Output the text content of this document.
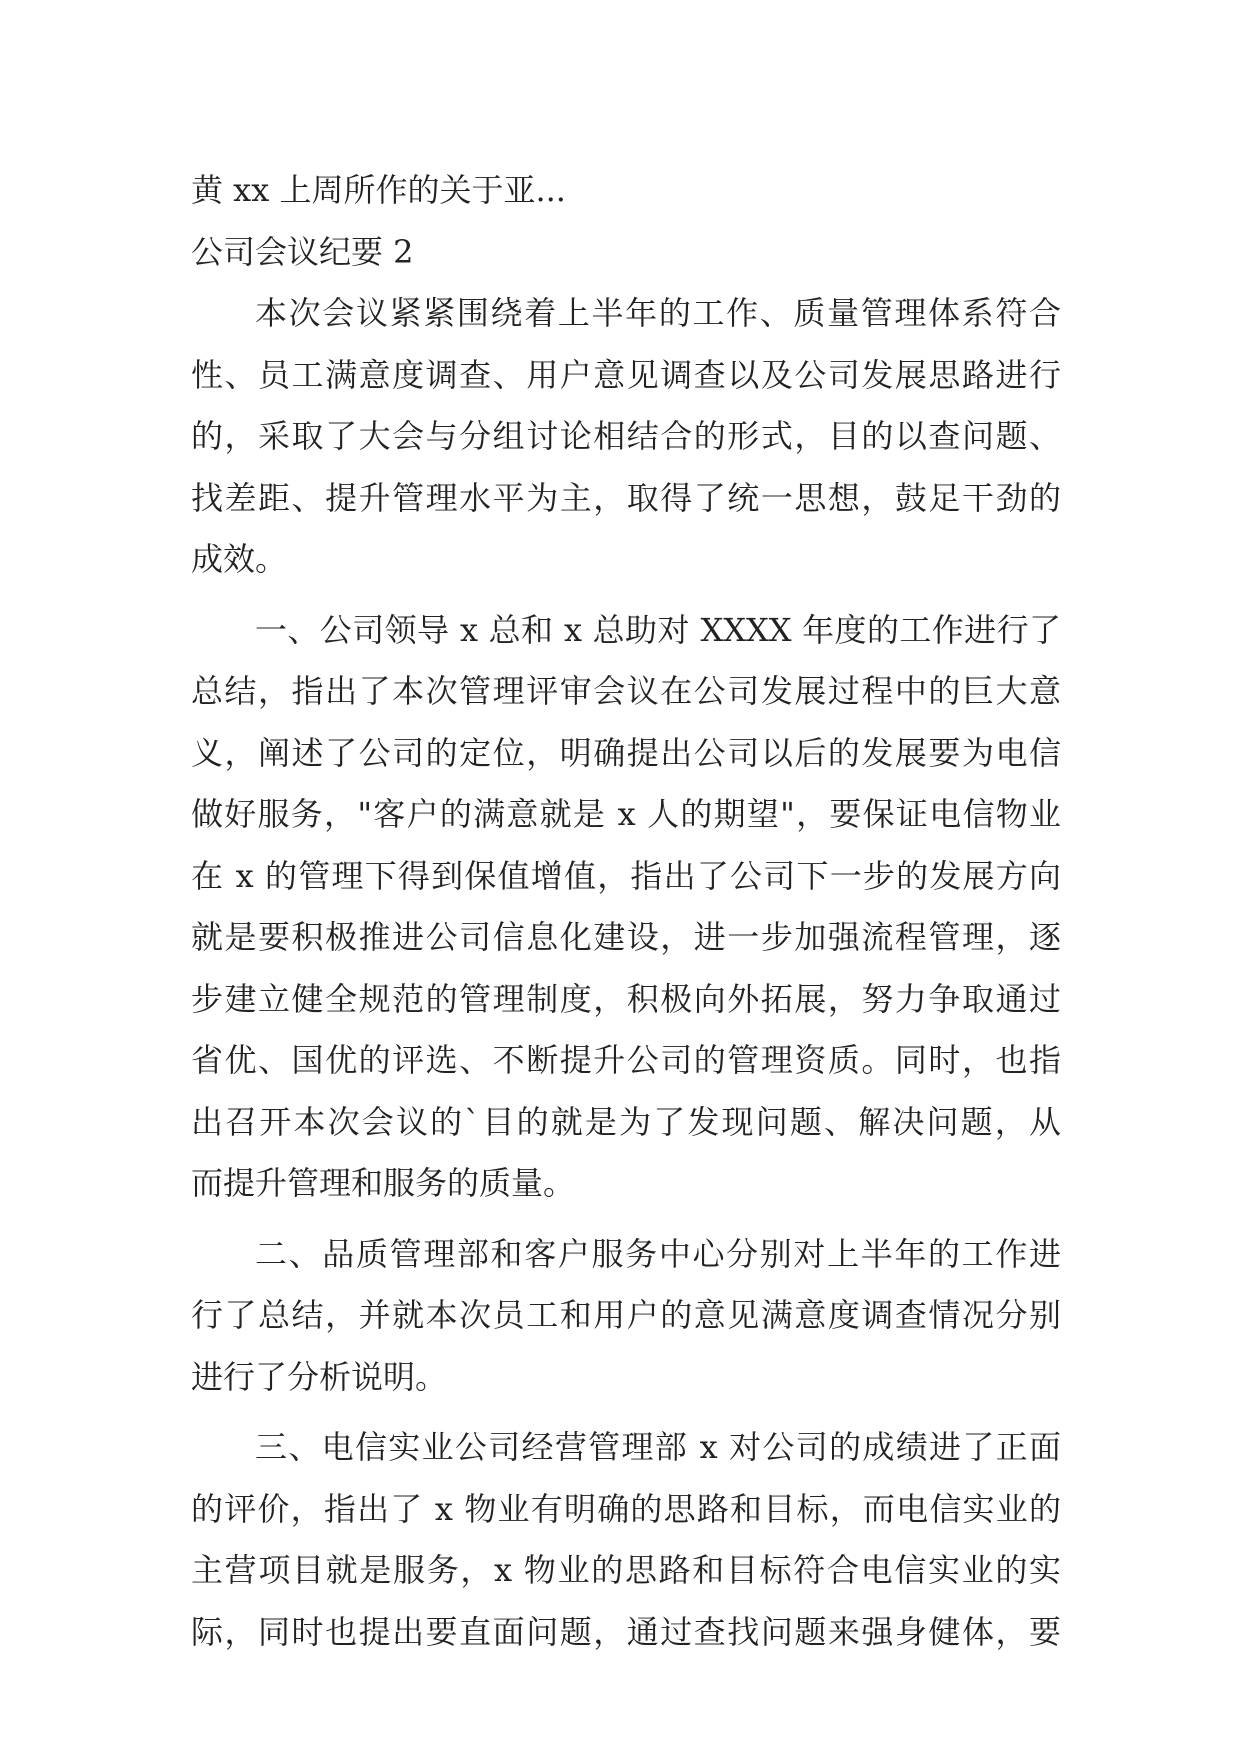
黄 xx 上周所作的关于亚...
公司会议纪要 2
本次会议紧紧围绕着上半年的工作、质量管理体系符合
性、员工满意度调查、用户意见调查以及公司发展思路进行
的，采取了大会与分组讨论相结合的形式，目的以查问题、
找差距、提升管理水平为主，取得了统一思想，鼓足干劲的
成效。
一、公司领导 x 总和 x 总助对 XXXX 年度的工作进行了
总结，指出了本次管理评审会议在公司发展过程中的巨大意
义，阐述了公司的定位，明确提出公司以后的发展要为电信
做好服务，"客户的满意就是 x 人的期望"，要保证电信物业
在 x 的管理下得到保值增值，指出了公司下一步的发展方向
就是要积极推进公司信息化建设，进一步加强流程管理，逐
步建立健全规范的管理制度，积极向外拓展，努力争取通过
省优、国优的评选、不断提升公司的管理资质。同时，也指
出召开本次会议的`目的就是为了发现问题、解决问题，从
而提升管理和服务的质量。
二、品质管理部和客户服务中心分别对上半年的工作进
行了总结，并就本次员工和用户的意见满意度调查情况分别
进行了分析说明。
三、电信实业公司经营管理部 x 对公司的成绩进了正面
的评价，指出了 x 物业有明确的思路和目标，而电信实业的
主营项目就是服务，x 物业的思路和目标符合电信实业的实
际，同时也提出要直面问题，通过查找问题来强身健体，要
